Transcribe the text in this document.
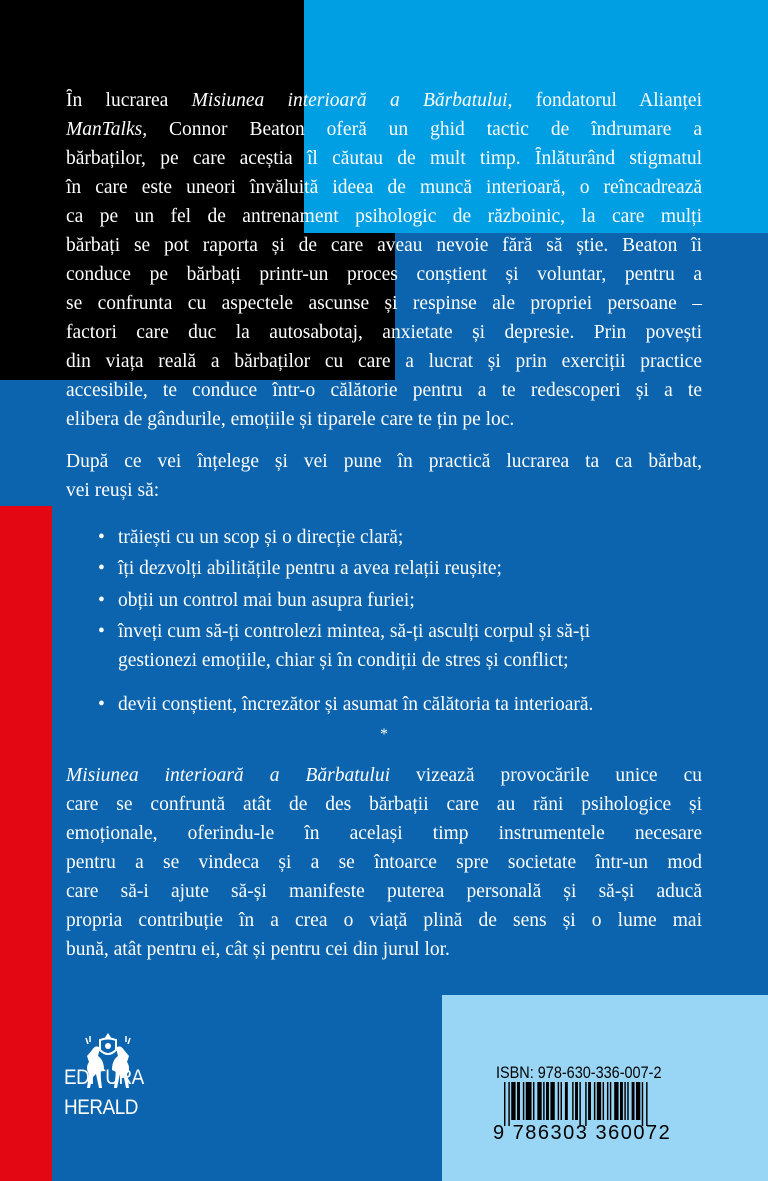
Ȋn lucrarea Misiunea interioară a Bărbatului, fondatorul Alianței
ManTalks, Connor Beaton oferă un ghid tactic de îndrumare a
bărbaților, pe care aceștia îl căutau de mult timp. Ȋnlăturând stigmatul
în care este uneori învăluită ideea de muncă interioară, o reîncadrează
ca pe un fel de antrenament psihologic de războinic, la care mulți
bărbați se pot raporta și de care aveau nevoie fără să știe. Beaton îi
conduce pe bărbați printr-un proces conștient și voluntar, pentru a
se confrunta cu aspectele ascunse și respinse ale propriei persoane –
factori care duc la autosabotaj, anxietate și depresie. Prin povești
din viața reală a bărbaților cu care a lucrat și prin exerciții practice
accesibile, te conduce într-o călătorie pentru a te redescoperi și a te
elibera de gândurile, emoțiile și tiparele care te țin pe loc.
După ce vei înțelege și vei pune în practică lucrarea ta ca bărbat,
vei reuși să:
• trăiești cu un scop și o direcție clară;
• îți dezvolți abilitățile pentru a avea relații reușite;
• obții un control mai bun asupra furiei;
• înveți cum să-ți controlezi mintea, să-ți asculți corpul și să-ți
gestionezi emoțiile, chiar și în condiții de stres și conflict;
• devii conștient, încrezător și asumat în călătoria ta interioară.
*
Misiunea interioară a Bărbatului vizează provocările unice cu
care se confruntă atât de des bărbații care au răni psihologice și
emoționale, oferindu-le în același timp instrumentele necesare
pentru a se vindeca și a se întoarce spre societate într-un mod
care să-i ajute să-și manifeste puterea personală și să-și aducă
propria contribuție în a crea o viață plină de sens și o lume mai
bună, atât pentru ei, cât și pentru cei din jurul lor.
EDITURA
HERALD
ISBN: 978-630-336-007-2
9 786303 360072
